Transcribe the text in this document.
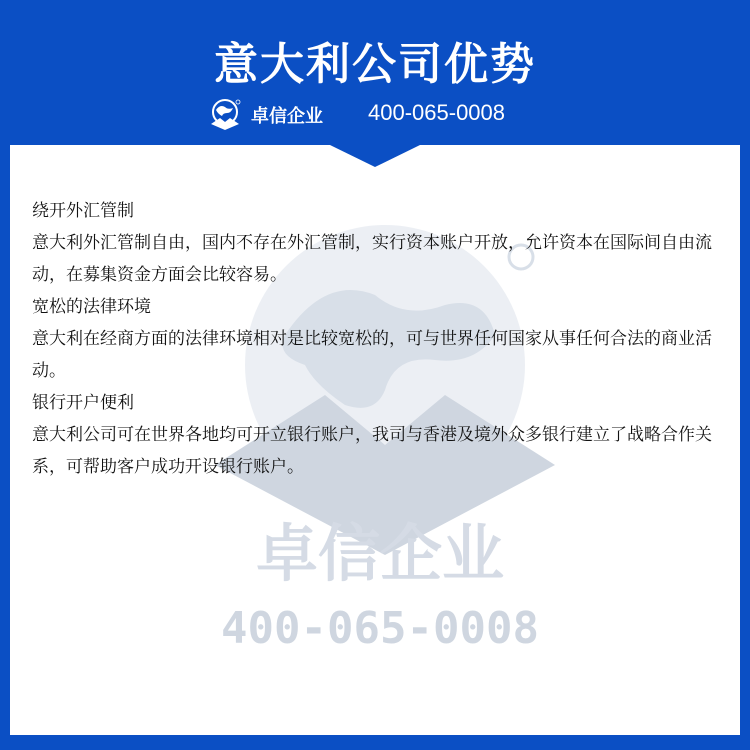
意大利公司优势
卓信企业 400-065-0008
卓信企业
400-065-0008

绕开外汇管制

意大利外汇管制自由，国内不存在外汇管制，实行资本账户开放，允许资本在国际间自由流动，在募集资金方面会比较容易。

宽松的法律环境

意大利在经商方面的法律环境相对是比较宽松的，可与世界任何国家从事任何合法的商业活动。

银行开户便利

意大利公司可在世界各地均可开立银行账户，我司与香港及境外众多银行建立了战略合作关系，可帮助客户成功开设银行账户。
